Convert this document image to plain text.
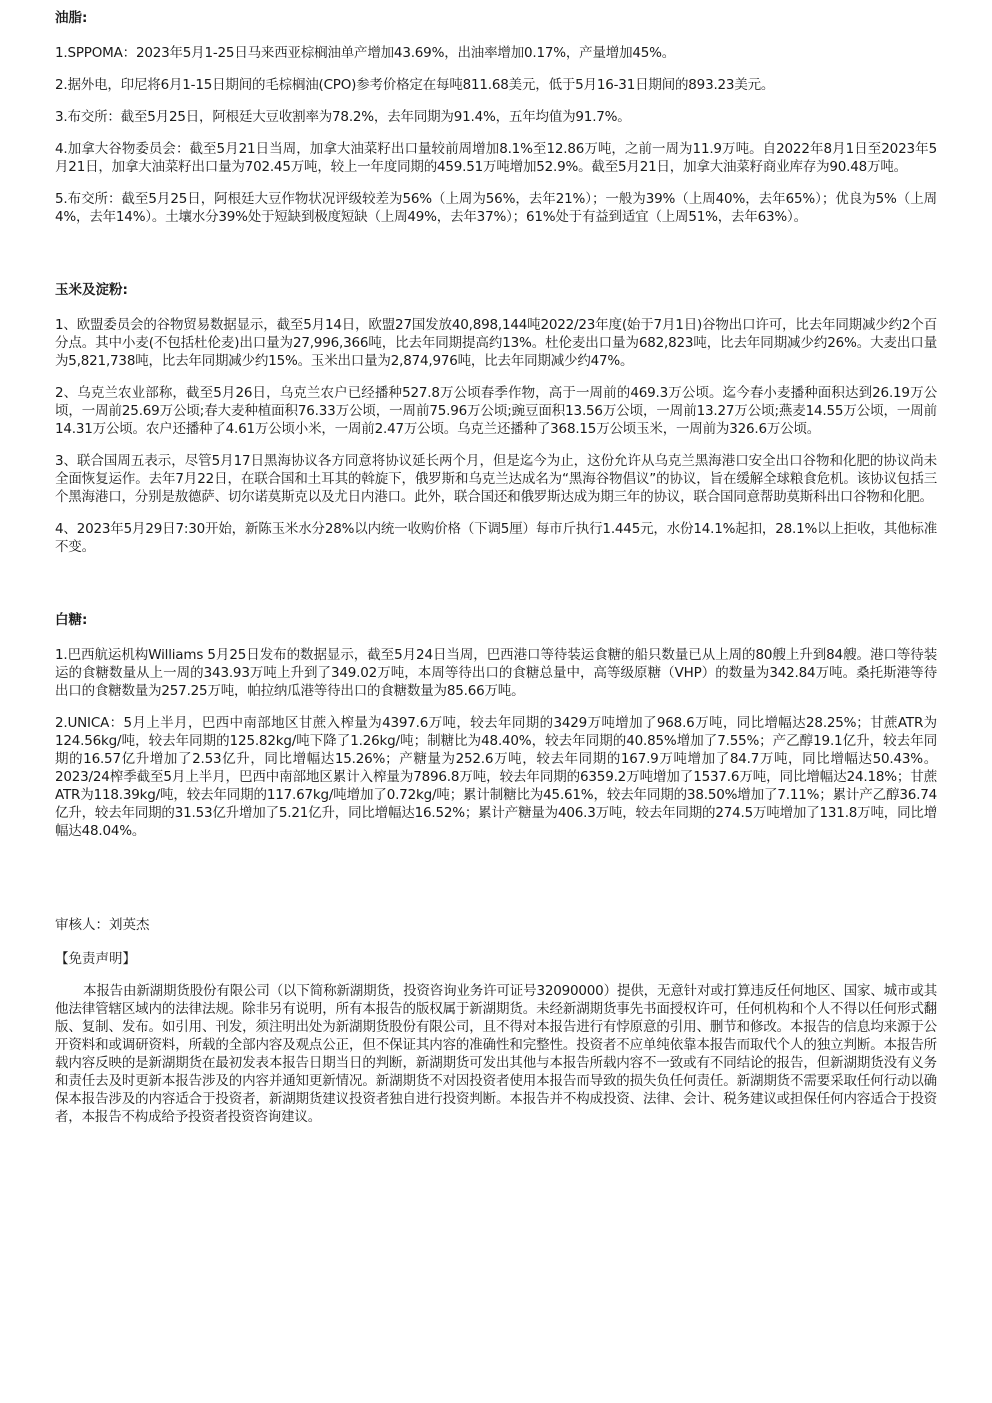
油脂:

1.SPPOMA：2023年5月1-25日马来西亚棕榈油单产增加43.69%，出油率增加0.17%，产量增加45%。

2.据外电，印尼将6月1-15日期间的毛棕榈油(CPO)参考价格定在每吨811.68美元，低于5月16-31日期间的893.23美元。

3.布交所：截至5月25日，阿根廷大豆收割率为78.2%，去年同期为91.4%，五年均值为91.7%。

4.加拿大谷物委员会：截至5月21日当周，加拿大油菜籽出口量较前周增加8.1%至12.86万吨，之前一周为11.9万吨。自2022年8月1日至2023年5月21日，加拿大油菜籽出口量为702.45万吨，较上一年度同期的459.51万吨增加52.9%。截至5月21日，加拿大油菜籽商业库存为90.48万吨。

5.布交所：截至5月25日，阿根廷大豆作物状况评级较差为56%（上周为56%，去年21%）；一般为39%（上周40%，去年65%）；优良为5%（上周4%，去年14%）。土壤水分39%处于短缺到极度短缺（上周49%，去年37%）；61%处于有益到适宜（上周51%，去年63%）。

玉米及淀粉:

1、欧盟委员会的谷物贸易数据显示，截至5月14日，欧盟27国发放40,898,144吨2022/23年度(始于7月1日)谷物出口许可，比去年同期减少约2个百分点。其中小麦(不包括杜伦麦)出口量为27,996,366吨，比去年同期提高约13%。杜伦麦出口量为682,823吨，比去年同期减少约26%。大麦出口量为5,821,738吨，比去年同期减少约15%。玉米出口量为2,874,976吨，比去年同期减少约47%。

2、乌克兰农业部称，截至5月26日，乌克兰农户已经播种527.8万公顷春季作物，高于一周前的469.3万公顷。迄今春小麦播种面积达到26.19万公顷，一周前25.69万公顷;春大麦种植面积76.33万公顷，一周前75.96万公顷;豌豆面积13.56万公顷，一周前13.27万公顷;燕麦14.55万公顷，一周前14.31万公顷。农户还播种了4.61万公顷小米，一周前2.47万公顷。乌克兰还播种了368.15万公顷玉米，一周前为326.6万公顷。

3、联合国周五表示，尽管5月17日黑海协议各方同意将协议延长两个月，但是迄今为止，这份允许从乌克兰黑海港口安全出口谷物和化肥的协议尚未全面恢复运作。去年7月22日，在联合国和土耳其的斡旋下，俄罗斯和乌克兰达成名为“黑海谷物倡议”的协议，旨在缓解全球粮食危机。该协议包括三个黑海港口，分别是敖德萨、切尔诺莫斯克以及尤日内港口。此外，联合国还和俄罗斯达成为期三年的协议，联合国同意帮助莫斯科出口谷物和化肥。

4、2023年5月29日7:30开始，新陈玉米水分28%以内统一收购价格（下调5厘）每市斤执行1.445元，水份14.1%起扣，28.1%以上拒收，其他标准不变。

白糖:

1.巴西航运机构Williams 5月25日发布的数据显示，截至5月24日当周，巴西港口等待装运食糖的船只数量已从上周的80艘上升到84艘。港口等待装运的食糖数量从上一周的343.93万吨上升到了349.02万吨，本周等待出口的食糖总量中，高等级原糖（VHP）的数量为342.84万吨。桑托斯港等待出口的食糖数量为257.25万吨，帕拉纳瓜港等待出口的食糖数量为85.66万吨。

2.UNICA：5月上半月，巴西中南部地区甘蔗入榨量为4397.6万吨，较去年同期的3429万吨增加了968.6万吨，同比增幅达28.25%；甘蔗ATR为124.56kg/吨，较去年同期的125.82kg/吨下降了1.26kg/吨；制糖比为48.40%，较去年同期的40.85%增加了7.55%；产乙醇19.1亿升，较去年同期的16.57亿升增加了2.53亿升，同比增幅达15.26%；产糖量为252.6万吨，较去年同期的167.9万吨增加了84.7万吨，同比增幅达50.43%。2023/24榨季截至5月上半月，巴西中南部地区累计入榨量为7896.8万吨，较去年同期的6359.2万吨增加了1537.6万吨，同比增幅达24.18%；甘蔗ATR为118.39kg/吨，较去年同期的117.67kg/吨增加了0.72kg/吨；累计制糖比为45.61%，较去年同期的38.50%增加了7.11%；累计产乙醇36.74亿升，较去年同期的31.53亿升增加了5.21亿升，同比增幅达16.52%；累计产糖量为406.3万吨，较去年同期的274.5万吨增加了131.8万吨，同比增幅达48.04%。

审核人：刘英杰
【免责声明】

本报告由新湖期货股份有限公司（以下简称新湖期货，投资咨询业务许可证号32090000）提供，无意针对或打算违反任何地区、国家、城市或其他法律管辖区域内的法律法规。除非另有说明，所有本报告的版权属于新湖期货。未经新湖期货事先书面授权许可，任何机构和个人不得以任何形式翻版、复制、发布。如引用、刊发，须注明出处为新湖期货股份有限公司，且不得对本报告进行有悖原意的引用、删节和修改。本报告的信息均来源于公开资料和或调研资料，所载的全部内容及观点公正，但不保证其内容的准确性和完整性。投资者不应单纯依靠本报告而取代个人的独立判断。本报告所载内容反映的是新湖期货在最初发表本报告日期当日的判断，新湖期货可发出其他与本报告所载内容不一致或有不同结论的报告，但新湖期货没有义务和责任去及时更新本报告涉及的内容并通知更新情况。新湖期货不对因投资者使用本报告而导致的损失负任何责任。新湖期货不需要采取任何行动以确保本报告涉及的内容适合于投资者，新湖期货建议投资者独自进行投资判断。本报告并不构成投资、法律、会计、税务建议或担保任何内容适合于投资者，本报告不构成给予投资者投资咨询建议。
